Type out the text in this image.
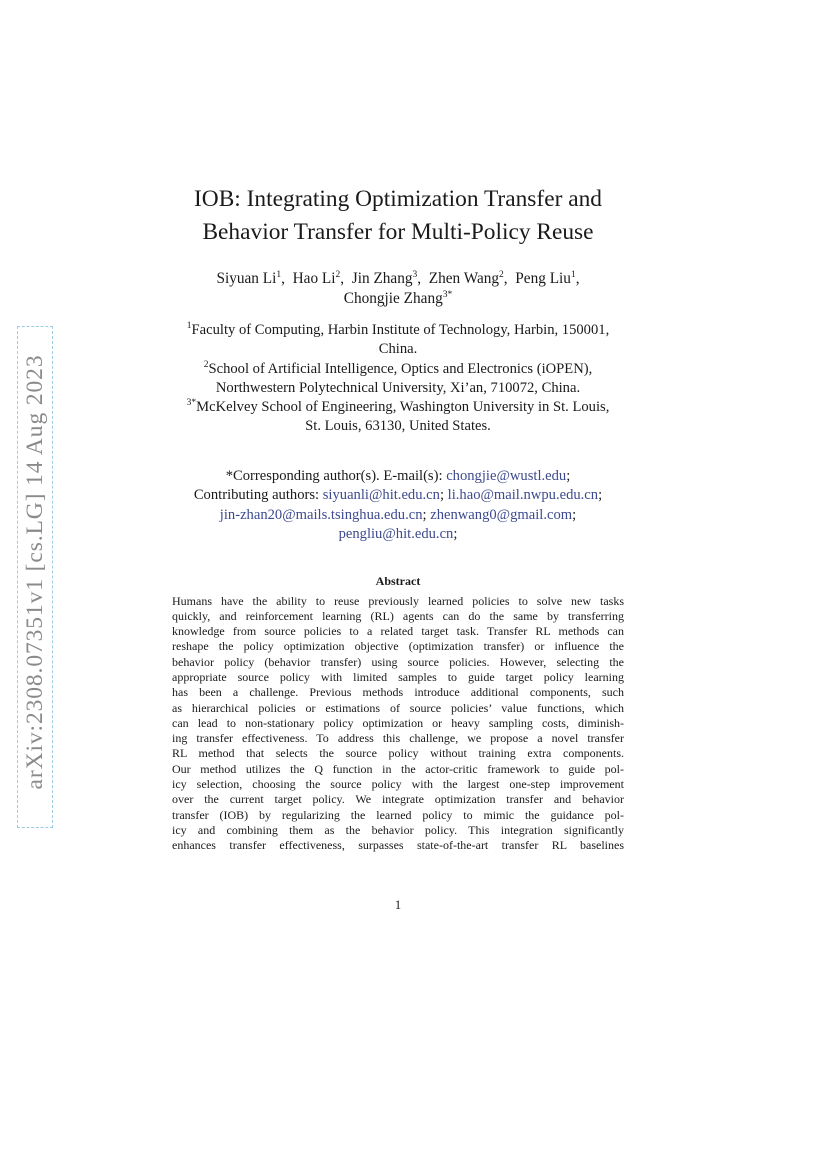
arXiv:2308.07351v1 [cs.LG] 14 Aug 2023
IOB: Integrating Optimization Transfer and
Behavior Transfer for Multi-Policy Reuse
Siyuan Li$^1$, Hao Li$^2$, Jin Zhang$^3$, Zhen Wang$^2$, Peng Liu$^1$,
Chongjie Zhang$^{3*}$
$^1$Faculty of Computing, Harbin Institute of Technology, Harbin, 150001,
China.
$^2$School of Artificial Intelligence, Optics and Electronics (iOPEN),
Northwestern Polytechnical University, Xi’an, 710072, China.
$^{3*}$McKelvey School of Engineering, Washington University in St. Louis,
St. Louis, 63130, United States.
*Corresponding author(s). E-mail(s): chongjie@wustl.edu;
Contributing authors: siyuanli@hit.edu.cn; li.hao@mail.nwpu.edu.cn;
jin-zhan20@mails.tsinghua.edu.cn; zhenwang0@gmail.com;
pengliu@hit.edu.cn;
Abstract
Humans have the ability to reuse previously learned policies to solve new tasks
quickly, and reinforcement learning (RL) agents can do the same by transferring
knowledge from source policies to a related target task. Transfer RL methods can
reshape the policy optimization objective (optimization transfer) or influence the
behavior policy (behavior transfer) using source policies. However, selecting the
appropriate source policy with limited samples to guide target policy learning
has been a challenge. Previous methods introduce additional components, such
as hierarchical policies or estimations of source policies’ value functions, which
can lead to non-stationary policy optimization or heavy sampling costs, diminish-
ing transfer effectiveness. To address this challenge, we propose a novel transfer
RL method that selects the source policy without training extra components.
Our method utilizes the Q function in the actor-critic framework to guide pol-
icy selection, choosing the source policy with the largest one-step improvement
over the current target policy. We integrate optimization transfer and behavior
transfer (IOB) by regularizing the learned policy to mimic the guidance pol-
icy and combining them as the behavior policy. This integration significantly
enhances transfer effectiveness, surpasses state-of-the-art transfer RL baselines
1
